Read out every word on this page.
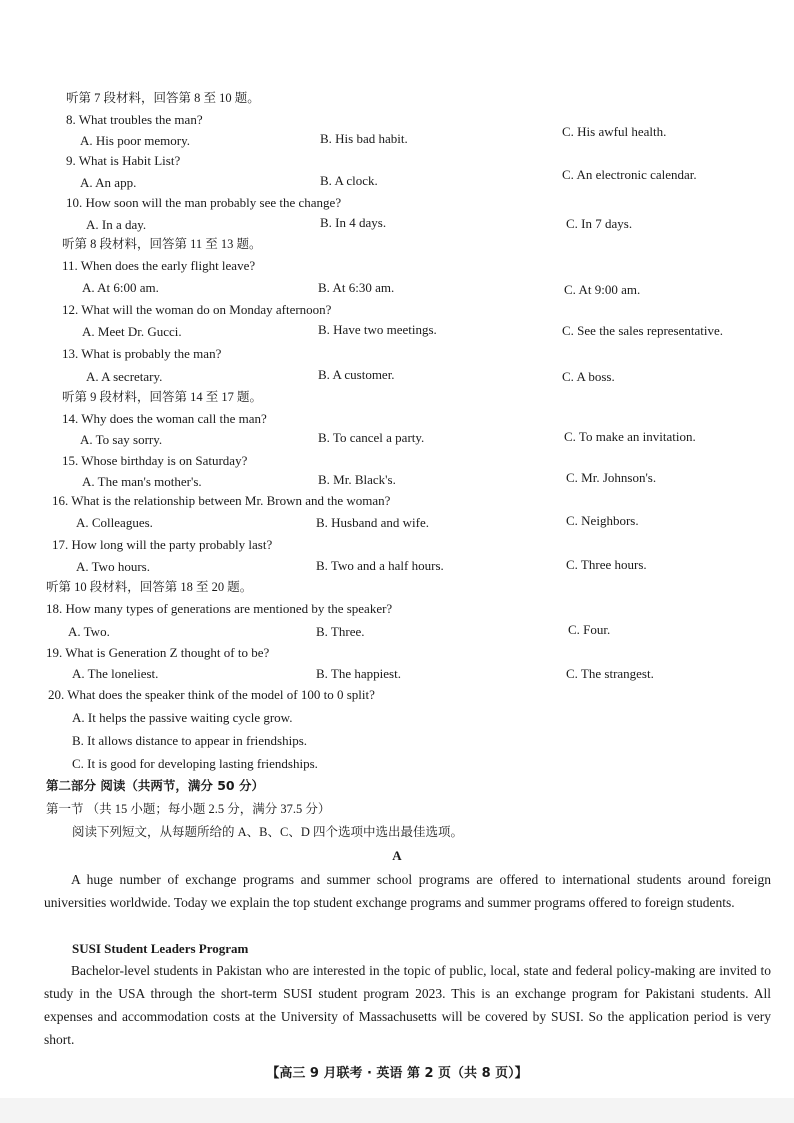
听第 7 段材料，回答第 8 至 10 题。
8. What troubles the man?
A. His poor memory.	B. His bad habit.	C. His awful health.
9. What is Habit List?
A. An app.	B. A clock.	C. An electronic calendar.
10. How soon will the man probably see the change?
A. In a day.	B. In 4 days.	C. In 7 days.
听第 8 段材料，回答第 11 至 13 题。
11. When does the early flight leave?
A. At 6:00 am.	B. At 6:30 am.	C. At 9:00 am.
12. What will the woman do on Monday afternoon?
A. Meet Dr. Gucci.	B. Have two meetings.	C. See the sales representative.
13. What is probably the man?
A. A secretary.	B. A customer.	C. A boss.
听第 9 段材料，回答第 14 至 17 题。
14. Why does the woman call the man?
A. To say sorry.	B. To cancel a party.	C. To make an invitation.
15. Whose birthday is on Saturday?
A. The man's mother's.	B. Mr. Black's.	C. Mr. Johnson's.
16. What is the relationship between Mr. Brown and the woman?
A. Colleagues.	B. Husband and wife.	C. Neighbors.
17. How long will the party probably last?
A. Two hours.	B. Two and a half hours.	C. Three hours.
听第 10 段材料，回答第 18 至 20 题。
18. How many types of generations are mentioned by the speaker?
A. Two.	B. Three.	C. Four.
19. What is Generation Z thought of to be?
A. The loneliest.	B. The happiest.	C. The strangest.
20. What does the speaker think of the model of 100 to 0 split?
A. It helps the passive waiting cycle grow.
B. It allows distance to appear in friendships.
C. It is good for developing lasting friendships.
第二部分 阅读（共两节，满分 50 分）
第一节 （共 15 小题；每小题 2.5 分，满分 37.5 分）
阅读下列短文，从每题所给的 A、B、C、D 四个选项中选出最佳选项。
A
A huge number of exchange programs and summer school programs are offered to international students around foreign universities worldwide. Today we explain the top student exchange programs and summer programs offered to foreign students.
SUSI Student Leaders Program
Bachelor-level students in Pakistan who are interested in the topic of public, local, state and federal policy-making are invited to study in the USA through the short-term SUSI student program 2023. This is an exchange program for Pakistani students. All expenses and accommodation costs at the University of Massachusetts will be covered by SUSI. So the application period is very short.
【高三 9 月联考 · 英语 第 2 页（共 8 页）】
